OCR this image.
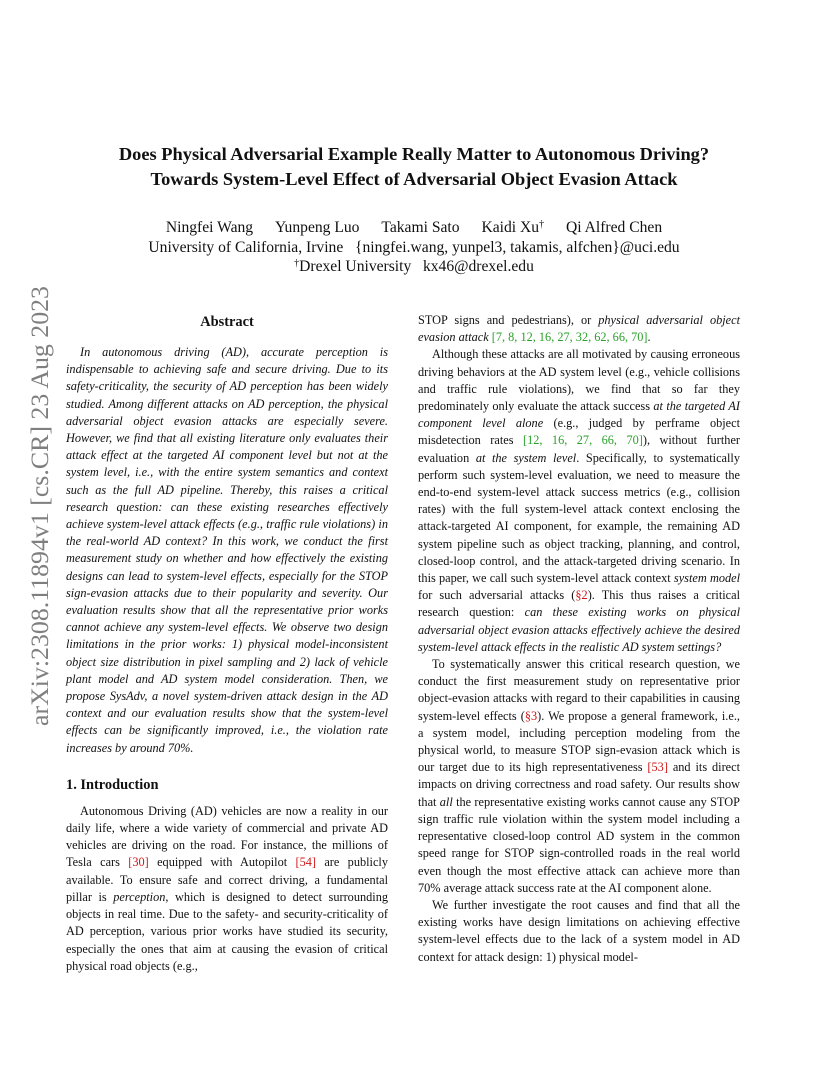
arXiv:2308.11894v1 [cs.CR] 23 Aug 2023
Does Physical Adversarial Example Really Matter to Autonomous Driving?
Towards System-Level Effect of Adversarial Object Evasion Attack
Ningfei Wang Yunpeng Luo Takami Sato Kaidi Xu† Qi Alfred Chen
University of California, Irvine   {ningfei.wang, yunpel3, takamis, alfchen}@uci.edu
†Drexel University   kx46@drexel.edu
Abstract

In autonomous driving (AD), accurate perception is indispensable to achieving safe and secure driving. Due to its safety-criticality, the security of AD perception has been widely studied. Among different attacks on AD perception, the physical adversarial object evasion attacks are especially severe. However, we find that all existing literature only evaluates their attack effect at the targeted AI component level but not at the system level, i.e., with the entire system semantics and context such as the full AD pipeline. Thereby, this raises a critical research question: can these existing researches effectively achieve system-level attack effects (e.g., traffic rule violations) in the real-world AD context? In this work, we conduct the first measurement study on whether and how effectively the existing designs can lead to system-level effects, especially for the STOP sign-evasion attacks due to their popularity and severity. Our evaluation results show that all the representative prior works cannot achieve any system-level effects. We observe two design limitations in the prior works: 1) physical model-inconsistent object size distribution in pixel sampling and 2) lack of vehicle plant model and AD system model consideration. Then, we propose SysAdv, a novel system-driven attack design in the AD context and our evaluation results show that the system-level effects can be significantly improved, i.e., the violation rate increases by around 70%.

1. Introduction

Autonomous Driving (AD) vehicles are now a reality in our daily life, where a wide variety of commercial and private AD vehicles are driving on the road. For instance, the millions of Tesla cars [30] equipped with Autopilot [54] are publicly available. To ensure safe and correct driving, a fundamental pillar is perception, which is designed to detect surrounding objects in real time. Due to the safety- and security-criticality of AD perception, various prior works have studied its security, especially the ones that aim at causing the evasion of critical physical road objects (e.g.,

STOP signs and pedestrians), or physical adversarial object evasion attack [7, 8, 12, 16, 27, 32, 62, 66, 70].

Although these attacks are all motivated by causing erroneous driving behaviors at the AD system level (e.g., vehicle collisions and traffic rule violations), we find that so far they predominately only evaluate the attack success at the targeted AI component level alone (e.g., judged by perframe object misdetection rates [12, 16, 27, 66, 70]), without further evaluation at the system level. Specifically, to systematically perform such system-level evaluation, we need to measure the end-to-end system-level attack success metrics (e.g., collision rates) with the full system-level attack context enclosing the attack-targeted AI component, for example, the remaining AD system pipeline such as object tracking, planning, and control, closed-loop control, and the attack-targeted driving scenario. In this paper, we call such system-level attack context system model for such adversarial attacks (§2). This thus raises a critical research question: can these existing works on physical adversarial object evasion attacks effectively achieve the desired system-level attack effects in the realistic AD system settings?

To systematically answer this critical research question, we conduct the first measurement study on representative prior object-evasion attacks with regard to their capabilities in causing system-level effects (§3). We propose a general framework, i.e., a system model, including perception modeling from the physical world, to measure STOP sign-evasion attack which is our target due to its high representativeness [53] and its direct impacts on driving correctness and road safety. Our results show that all the representative existing works cannot cause any STOP sign traffic rule violation within the system model including a representative closed-loop control AD system in the common speed range for STOP sign-controlled roads in the real world even though the most effective attack can achieve more than 70% average attack success rate at the AI component alone.

We further investigate the root causes and find that all the existing works have design limitations on achieving effective system-level effects due to the lack of a system model in AD context for attack design: 1) physical model-
